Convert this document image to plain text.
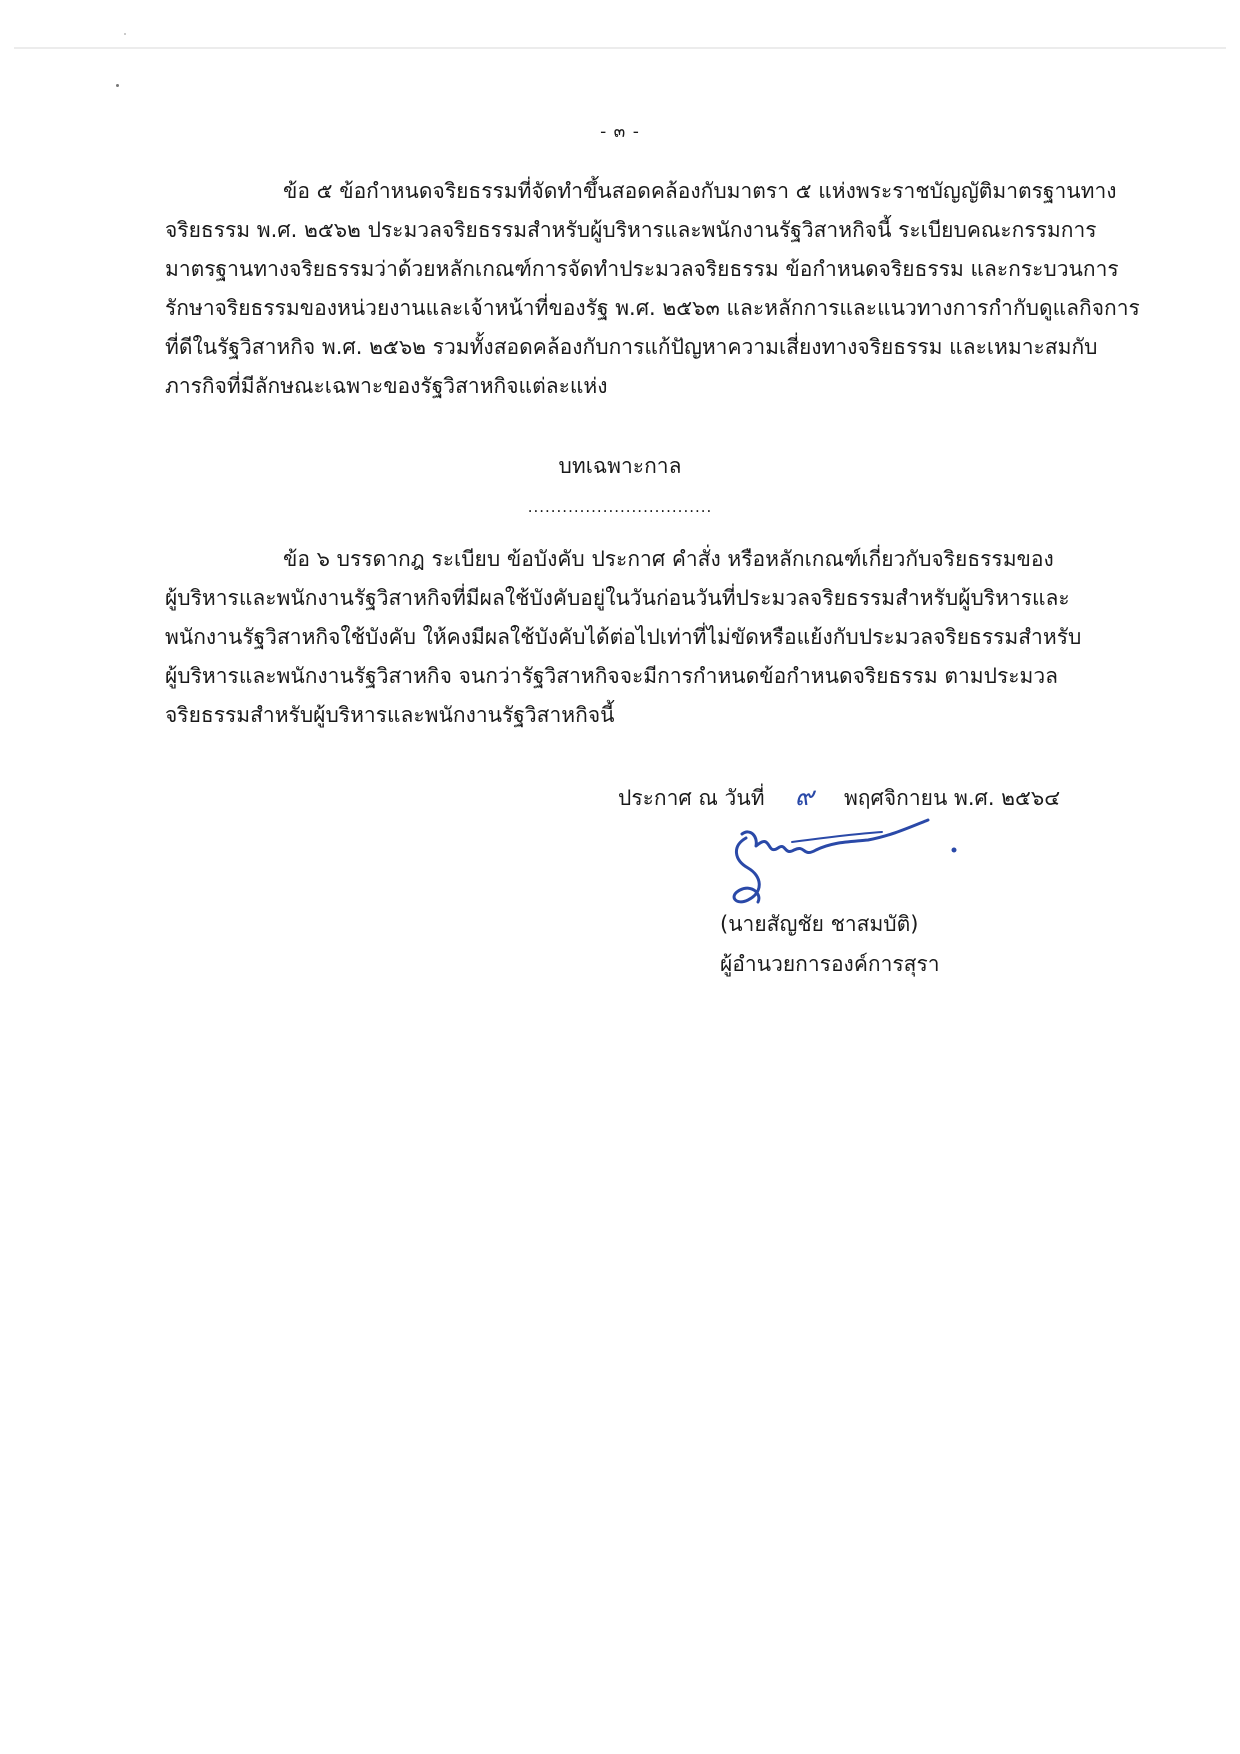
- ๓ -

ข้อ ๕ ข้อกำหนดจริยธรรมที่จัดทำขึ้นสอดคล้องกับมาตรา ๕ แห่งพระราชบัญญัติมาตรฐานทาง
จริยธรรม พ.ศ. ๒๕๖๒ ประมวลจริยธรรมสำหรับผู้บริหารและพนักงานรัฐวิสาหกิจนี้ ระเบียบคณะกรรมการ
มาตรฐานทางจริยธรรมว่าด้วยหลักเกณฑ์การจัดทำประมวลจริยธรรม ข้อกำหนดจริยธรรม และกระบวนการ
รักษาจริยธรรมของหน่วยงานและเจ้าหน้าที่ของรัฐ พ.ศ. ๒๕๖๓ และหลักการและแนวทางการกำกับดูแลกิจการ
ที่ดีในรัฐวิสาหกิจ พ.ศ. ๒๕๖๒ รวมทั้งสอดคล้องกับการแก้ปัญหาความเสี่ยงทางจริยธรรม และเหมาะสมกับ
ภารกิจที่มีลักษณะเฉพาะของรัฐวิสาหกิจแต่ละแห่ง

บทเฉพาะกาล
................................

ข้อ ๖ บรรดากฎ ระเบียบ ข้อบังคับ ประกาศ คำสั่ง หรือหลักเกณฑ์เกี่ยวกับจริยธรรมของ
ผู้บริหารและพนักงานรัฐวิสาหกิจที่มีผลใช้บังคับอยู่ในวันก่อนวันที่ประมวลจริยธรรมสำหรับผู้บริหารและ
พนักงานรัฐวิสาหกิจใช้บังคับ ให้คงมีผลใช้บังคับได้ต่อไปเท่าที่ไม่ขัดหรือแย้งกับประมวลจริยธรรมสำหรับ
ผู้บริหารและพนักงานรัฐวิสาหกิจ จนกว่ารัฐวิสาหกิจจะมีการกำหนดข้อกำหนดจริยธรรม ตามประมวล
จริยธรรมสำหรับผู้บริหารและพนักงานรัฐวิสาหกิจนี้

ประกาศ ณ วันที่ ๙ พฤศจิกายน พ.ศ. ๒๕๖๔
(นายสัญชัย ชาสมบัติ)
ผู้อำนวยการองค์การสุรา
